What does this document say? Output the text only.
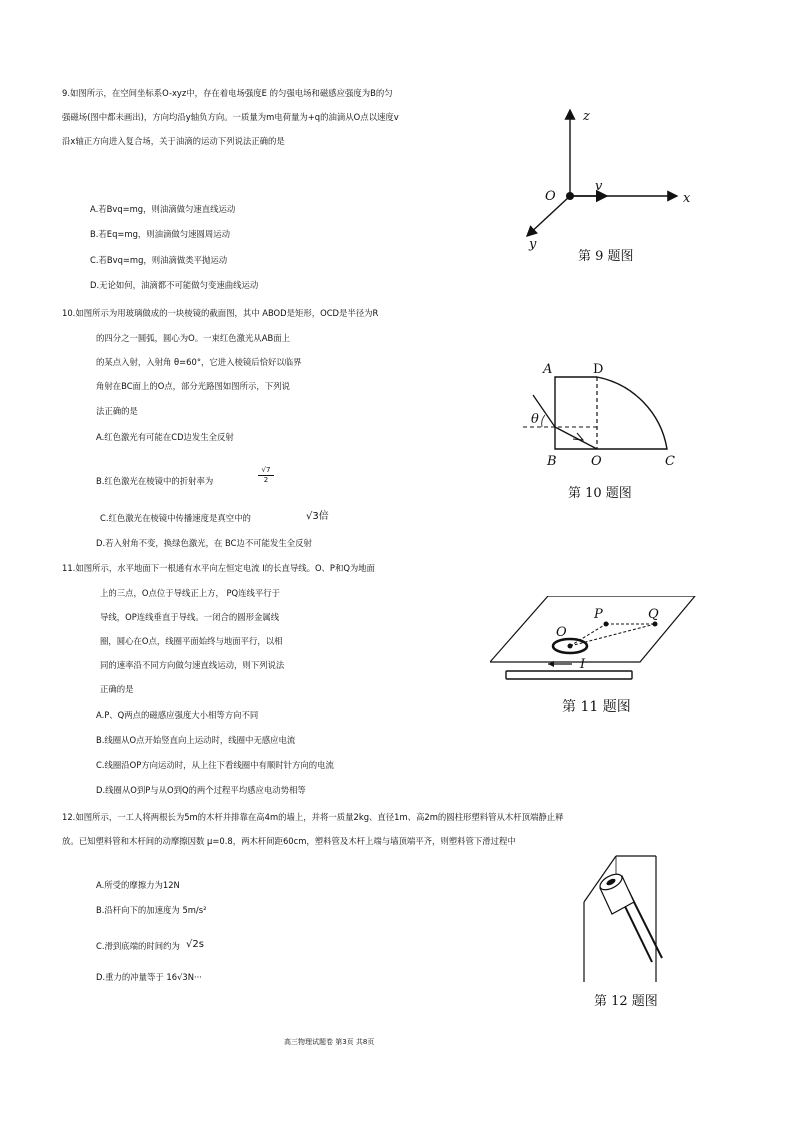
9.如图所示，在空间坐标系O-xyz中，存在着电场强度E 的匀强电场和磁感应强度为B的匀
强磁场(图中都未画出)，方向均沿y轴负方向。一质量为m电荷量为+q的油滴从O点以速度v
沿x轴正方向进入复合场，关于油滴的运动下列说法正确的是
A.若Bvq=mg，则油滴做匀速直线运动
B.若Eq=mg，则油滴做匀速圆周运动
C.若Bvq=mg，则油滴做类平抛运动
D.无论如何，油滴都不可能做匀变速曲线运动
z
x
y
O
v
第 9 题图
10.如图所示为用玻璃做成的一块棱镜的截面图，其中 ABOD是矩形，OCD是半径为R
的四分之一圆弧，圆心为O。一束红色激光从AB面上
的某点入射，入射角 θ=60°，它进入棱镜后恰好以临界
角射在BC面上的O点，部分光路图如图所示，下列说
法正确的是
A.红色激光有可能在CD边发生全反射
B.红色激光在棱镜中的折射率为	$\frac{√7}{2}$
C.红色激光在棱镜中传播速度是真空中的	√3倍
D.若入射角不变，换绿色激光，在 BC边不可能发生全反射
A	D
B	O	C
θ
第 10 题图
11.如图所示，水平地面下一根通有水平向左恒定电流 I的长直导线。O、P和Q为地面
上的三点，O点位于导线正上方， PQ连线平行于
导线，OP连线垂直于导线。一闭合的圆形金属线
圈，圆心在O点，线圈平面始终与地面平行，以相
同的速率沿不同方向做匀速直线运动，则下列说法
正确的是
A.P、Q两点的磁感应强度大小相等方向不同
B.线圈从O点开始竖直向上运动时，线圈中无感应电流
C.线圈沿OP方向运动时，从上往下看线圈中有顺时针方向的电流
D.线圈从O到P与从O到Q的两个过程平均感应电动势相等
P	Q
O
I
第 11 题图
12.如图所示，一工人将两根长为5m的木杆并排靠在高4m的墙上，并将一质量2kg、直径1m、高2m的圆柱形塑料管从木杆顶端静止释
放。已知塑料管和木杆间的动摩擦因数 μ=0.8，两木杆间距60cm，塑料管及木杆上端与墙顶端平齐，则塑料管下滑过程中
A.所受的摩擦力为12N
B.沿杆向下的加速度为 5m/s²
C.滑到底端的时间约为 √2s
D.重力的冲量等于 16√3N···
第 12 题图
高三物理试题卷 第3页 共8页
